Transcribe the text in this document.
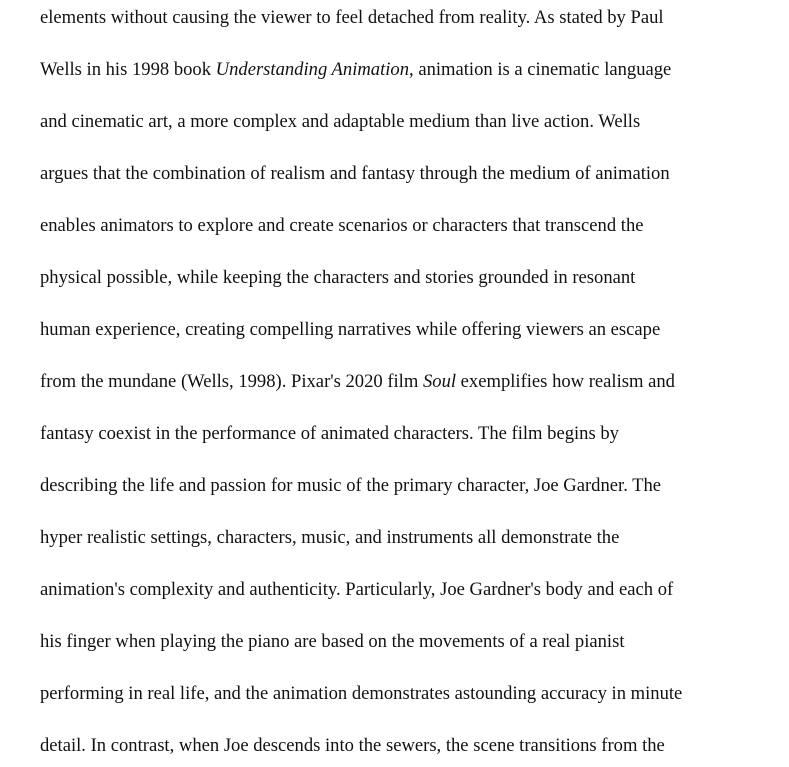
elements without causing the viewer to feel detached from reality. As stated by Paul
Wells in his 1998 book Understanding Animation, animation is a cinematic language
and cinematic art, a more complex and adaptable medium than live action. Wells
argues that the combination of realism and fantasy through the medium of animation
enables animators to explore and create scenarios or characters that transcend the
physical possible, while keeping the characters and stories grounded in resonant
human experience, creating compelling narratives while offering viewers an escape
from the mundane (Wells, 1998). Pixar's 2020 film Soul exemplifies how realism and
fantasy coexist in the performance of animated characters. The film begins by
describing the life and passion for music of the primary character, Joe Gardner. The
hyper realistic settings, characters, music, and instruments all demonstrate the
animation's complexity and authenticity. Particularly, Joe Gardner's body and each of
his finger when playing the piano are based on the movements of a real pianist
performing in real life, and the animation demonstrates astounding accuracy in minute
detail. In contrast, when Joe descends into the sewers, the scene transitions from the
